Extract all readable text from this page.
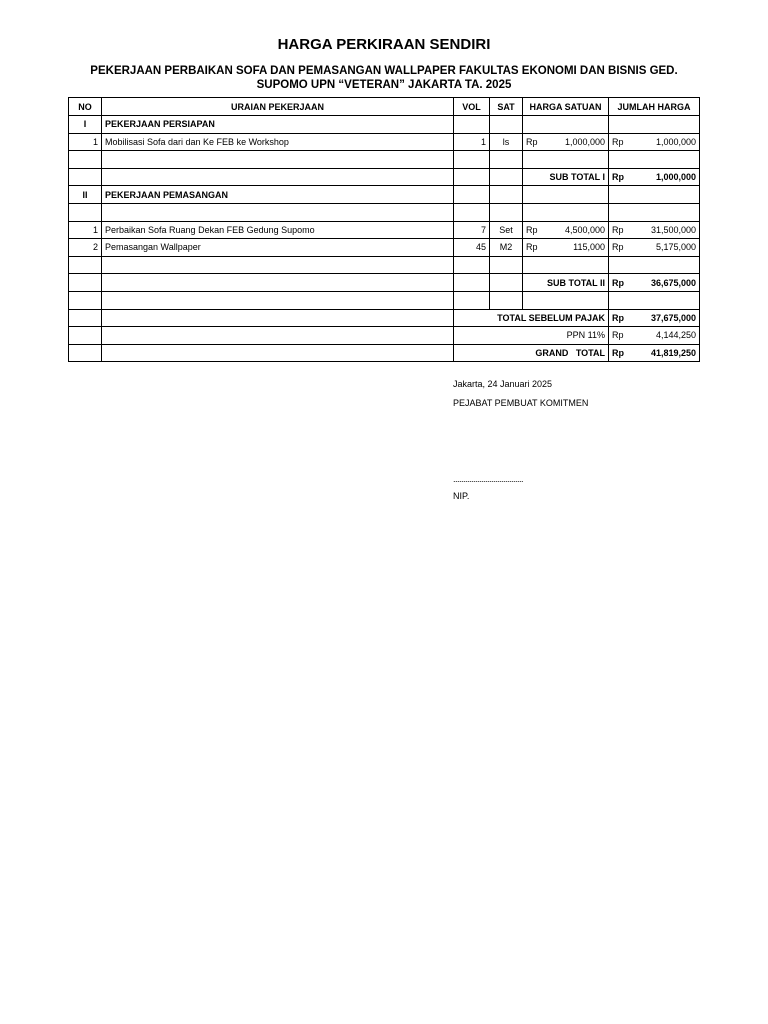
HARGA PERKIRAAN SENDIRI
PEKERJAAN PERBAIKAN SOFA DAN PEMASANGAN WALLPAPER FAKULTAS EKONOMI DAN BISNIS GED.
SUPOMO UPN “VETERAN” JAKARTA TA. 2025
NO	URAIAN PEKERJAAN	VOL	SAT	HARGA SATUAN	JUMLAH HARGA
I	PEKERJAAN PERSIAPAN				
1	Mobilisasi Sofa dari dan Ke FEB ke Workshop	1	ls	Rp 1,000,000	Rp 1,000,000

				SUB TOTAL I	Rp 1,000,000

II	PEKERJAAN PEMASANGAN				

1	Perbaikan Sofa Ruang Dekan FEB Gedung Supomo	7	Set	Rp 4,500,000	Rp 31,500,000

2	Pemasangan Wallpaper	45	M2	Rp 115,000	Rp 5,175,000

				SUB TOTAL II	Rp 36,675,000

		TOTAL SEBELUM PAJAK			Rp 37,675,000

		PPN 11%			Rp 4,144,250

		GRAND   TOTAL			Rp 41,819,250
Jakarta, 24 Januari 2025
PEJABAT PEMBUAT KOMITMEN
...................................
NIP.
